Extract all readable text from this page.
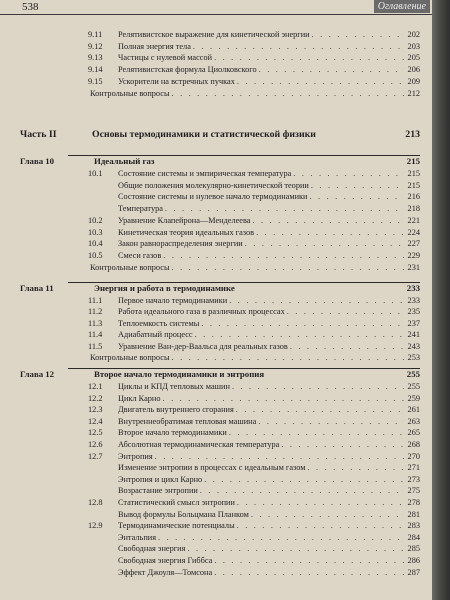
538	Оглавление
9.11 Релятивистское выражение для кинетической энергии . . .	202
9.12 Полная энергия тела . . .	203
9.13 Частицы с нулевой массой . . .	205
9.14 Релятивистская формула Циолковского . . .	206
9.15 Ускорители на встречных пучках . . .	209
Контрольные вопросы . . .	212
Часть II	Основы термодинамики и статистической физики	213
Глава 10	Идеальный газ	215
10.1 Состояние системы и эмпирическая температура . . .	215
Общие положения молекулярно-кинетической теории . . .	215
Состояние системы и нулевое начало термодинамики . . .	216
Температура . . .	218
10.2 Уравнение Клапейрона—Менделеева . . .	221
10.3 Кинетическая теория идеальных газов . . .	224
10.4 Закон равнораспределения энергии . . .	227
10.5 Смеси газов . . .	229
Контрольные вопросы . . .	231
Глава 11	Энергия и работа в термодинамике	233
11.1 Первое начало термодинамики . . .	233
11.2 Работа идеального газа в различных процессах . . .	235
11.3 Теплоемкость системы . . .	237
11.4 Адиабатный процесс . . .	241
11.5 Уравнение Ван-дер-Ваальса для реальных газов . . .	243
Контрольные вопросы . . .	253
Глава 12	Второе начало термодинамики и энтропия	255
12.1 Циклы и КПД тепловых машин . . .	255
12.2 Цикл Карно . . .	259
12.3 Двигатель внутреннего сгорания . . .	261
12.4 Внутреннеобратимая тепловая машина . . .	263
12.5 Второе начало термодинамики . . .	265
12.6 Абсолютная термодинамическая температура . . .	268
12.7 Энтропия . . .	270
Изменение энтропии в процессах с идеальным газом . . .	271
Энтропия и цикл Карно . . .	273
Возрастание энтропии . . .	275
12.8 Статистический смысл энтропии . . .	278
Вывод формулы Больцмана Планком . . .	281
12.9 Термодинамические потенциалы . . .	283
Энтальпия . . .	284
Свободная энергия . . .	285
Свободная энергия Гиббса . . .	286
Эффект Джоуля—Томсона . . .	287
